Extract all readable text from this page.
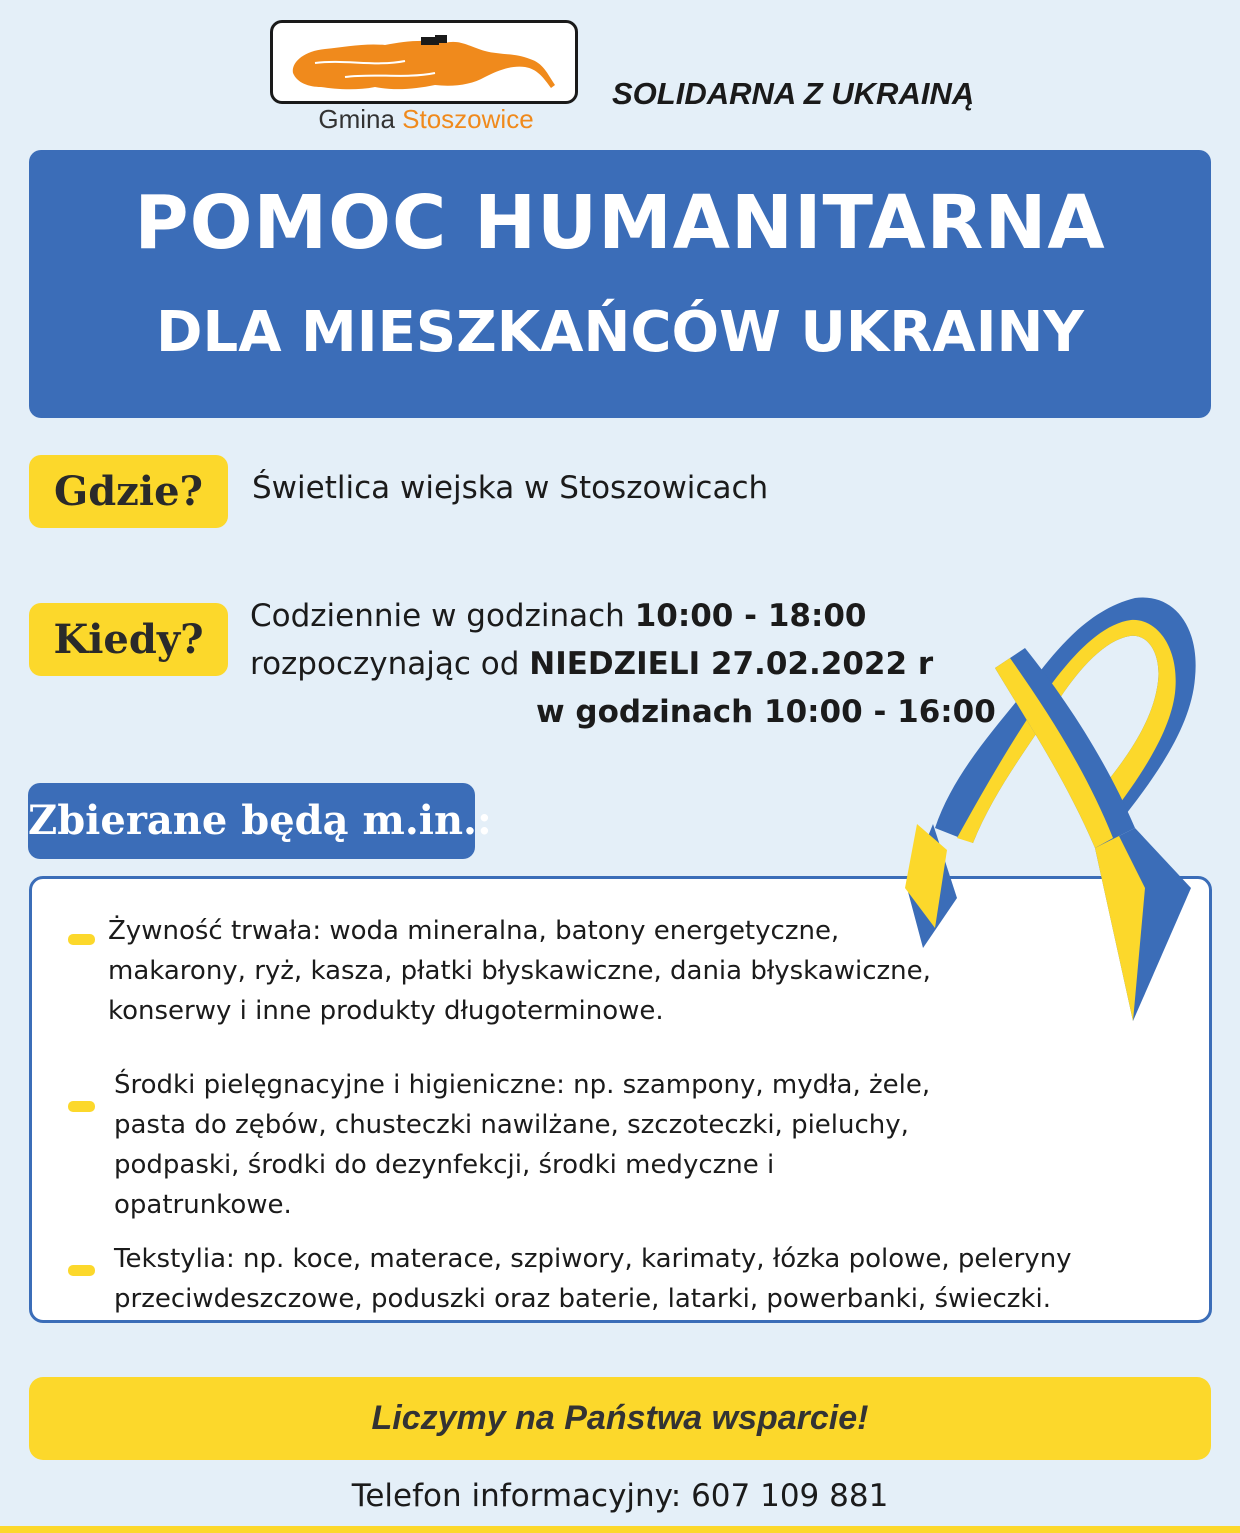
Gmina Stoszowice
SOLIDARNA Z UKRAINĄ
POMOC HUMANITARNA
DLA MIESZKAŃCÓW UKRAINY
Gdzie?	Świetlica wiejska w Stoszowicach
Kiedy?	Codziennie w godzinach 10:00 - 18:00
rozpoczynając od NIEDZIELI 27.02.2022 r
w godzinach 10:00 - 16:00
Zbierane będą m.in.:
Żywność trwała: woda mineralna, batony energetyczne,
makarony, ryż, kasza, płatki błyskawiczne, dania błyskawiczne,
konserwy i inne produkty długoterminowe.
Środki pielęgnacyjne i higieniczne: np. szampony, mydła, żele,
pasta do zębów, chusteczki nawilżane, szczoteczki, pieluchy,
podpaski, środki do dezynfekcji, środki medyczne i
opatrunkowe.
Tekstylia: np. koce, materace, szpiwory, karimaty, łózka polowe, peleryny
przeciwdeszczowe, poduszki oraz baterie, latarki, powerbanki, świeczki.
Liczymy na Państwa wsparcie!
Telefon informacyjny: 607 109 881
